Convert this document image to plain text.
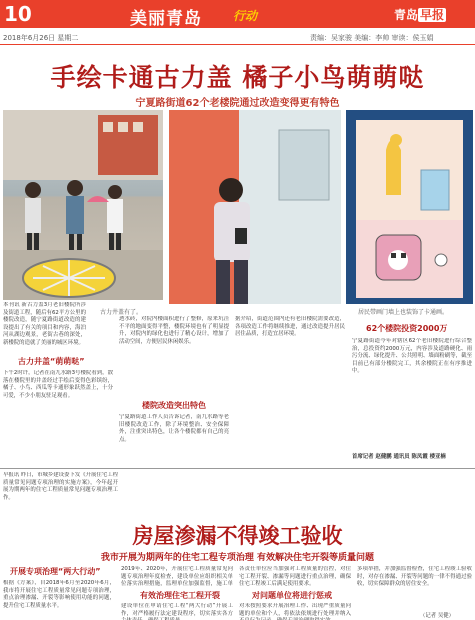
10	美丽青岛	行动	青岛 早报
2018年6月26日 星期二	责编：吴家骏 美编：李帅 审读：侯玉娟
手绘卡通古力盖 橘子小鸟萌萌哒
宁夏路街道62个老楼院通过改造变得更有特色
古力井盖有了。	居民带画门墙上也装饰了卡通画。
本刊讯 新古力盖3月老旧楼院所涉及街道工程，随后有62平方公里的楼院改造，随宁夏路街道改造的建设提出了有关的项目和内容，海泊河从湖边观景，老街古巷的深处，新楼院的造就了美丽的城区环境。
古力井盖“萌萌哒”
下午2时许，记者在南九水路3号楼院看到，散落在楼院里的井盖经过手绘后变得色彩缤纷，橘子、小鸟、西瓜等卡通形象跃然盖上，十分可爱，不少小朋友驻足观看。
透水砖，对院内楼面积进行了整修，原来坑洼不平的地面变得平整，楼院环境也有了明显提升，对院内的绿化也进行了精心设计，增加了活动空间，方便居民休闲娱乐。
楼院改造突出特色
宁夏路街道工作人员告诉记者，南九水路等老旧楼院改造工作，除了环境整治、安全保障外，注重突出特色，让各个楼院都有自己的亮点。
据介绍，街道范围内还有老旧楼院需要改造，各项改造工作将继续推进，通过改造提升居民居住品质，打造宜居环境。
62个楼院投资2000万
宁夏路街道今年对辖区62个老旧楼院进行综合整治，总投资约2000万元，内容涉及道路硬化、雨污分流、绿化提升、公共照明、墙面粉刷等，截至目前已有部分楼院完工，其余楼院正在有序推进中。
首席记者 赵健鹏 通讯员 陈凤霞 楼亚楠
早报讯 昨日，市城乡建设委下发《开展住宅工程质量常见问题专项治理的实施方案》，今年起开展为期两年的住宅工程质量常见问题专项治理工作。
房屋渗漏不得竣工验收
我市开展为期两年的住宅工程专项治理 有效解决住宅开裂等质量问题
开展专项治理“两大行动”
根据《方案》，自2018年6月至2020年6月，我市将开展住宅工程质量常见问题专项治理，重点治理渗漏、开裂等影响使用功能的问题，提升住宅工程质量水平。
2019年、2020年，开展住宅工程质量常见问题专项治理年度检查，建设单位应组织相关单位落实治理措施，监理单位加强监督，施工单
有效治理住宅工程开裂
建设单位在申请住宅工程“两大行动”开展工作，对严格履行法定建设程序，切实落实各方
各责任单位应当加强对工程质量的管控，对住宅工程开裂、渗漏等问题进行重点治理，确保住宅工程竣工后满足使用要求。
对问题单位将进行惩戒
对未按照要求开展治理工作、出现严重质量问题的单位和个人，将依法依规进行处理并纳入
多项举措，并加强监督检查，住宅工程竣工验收时，对存在渗漏、开裂等问题的一律不得通过验收，切实保障群众的居住安全。
（记者 吴健）
